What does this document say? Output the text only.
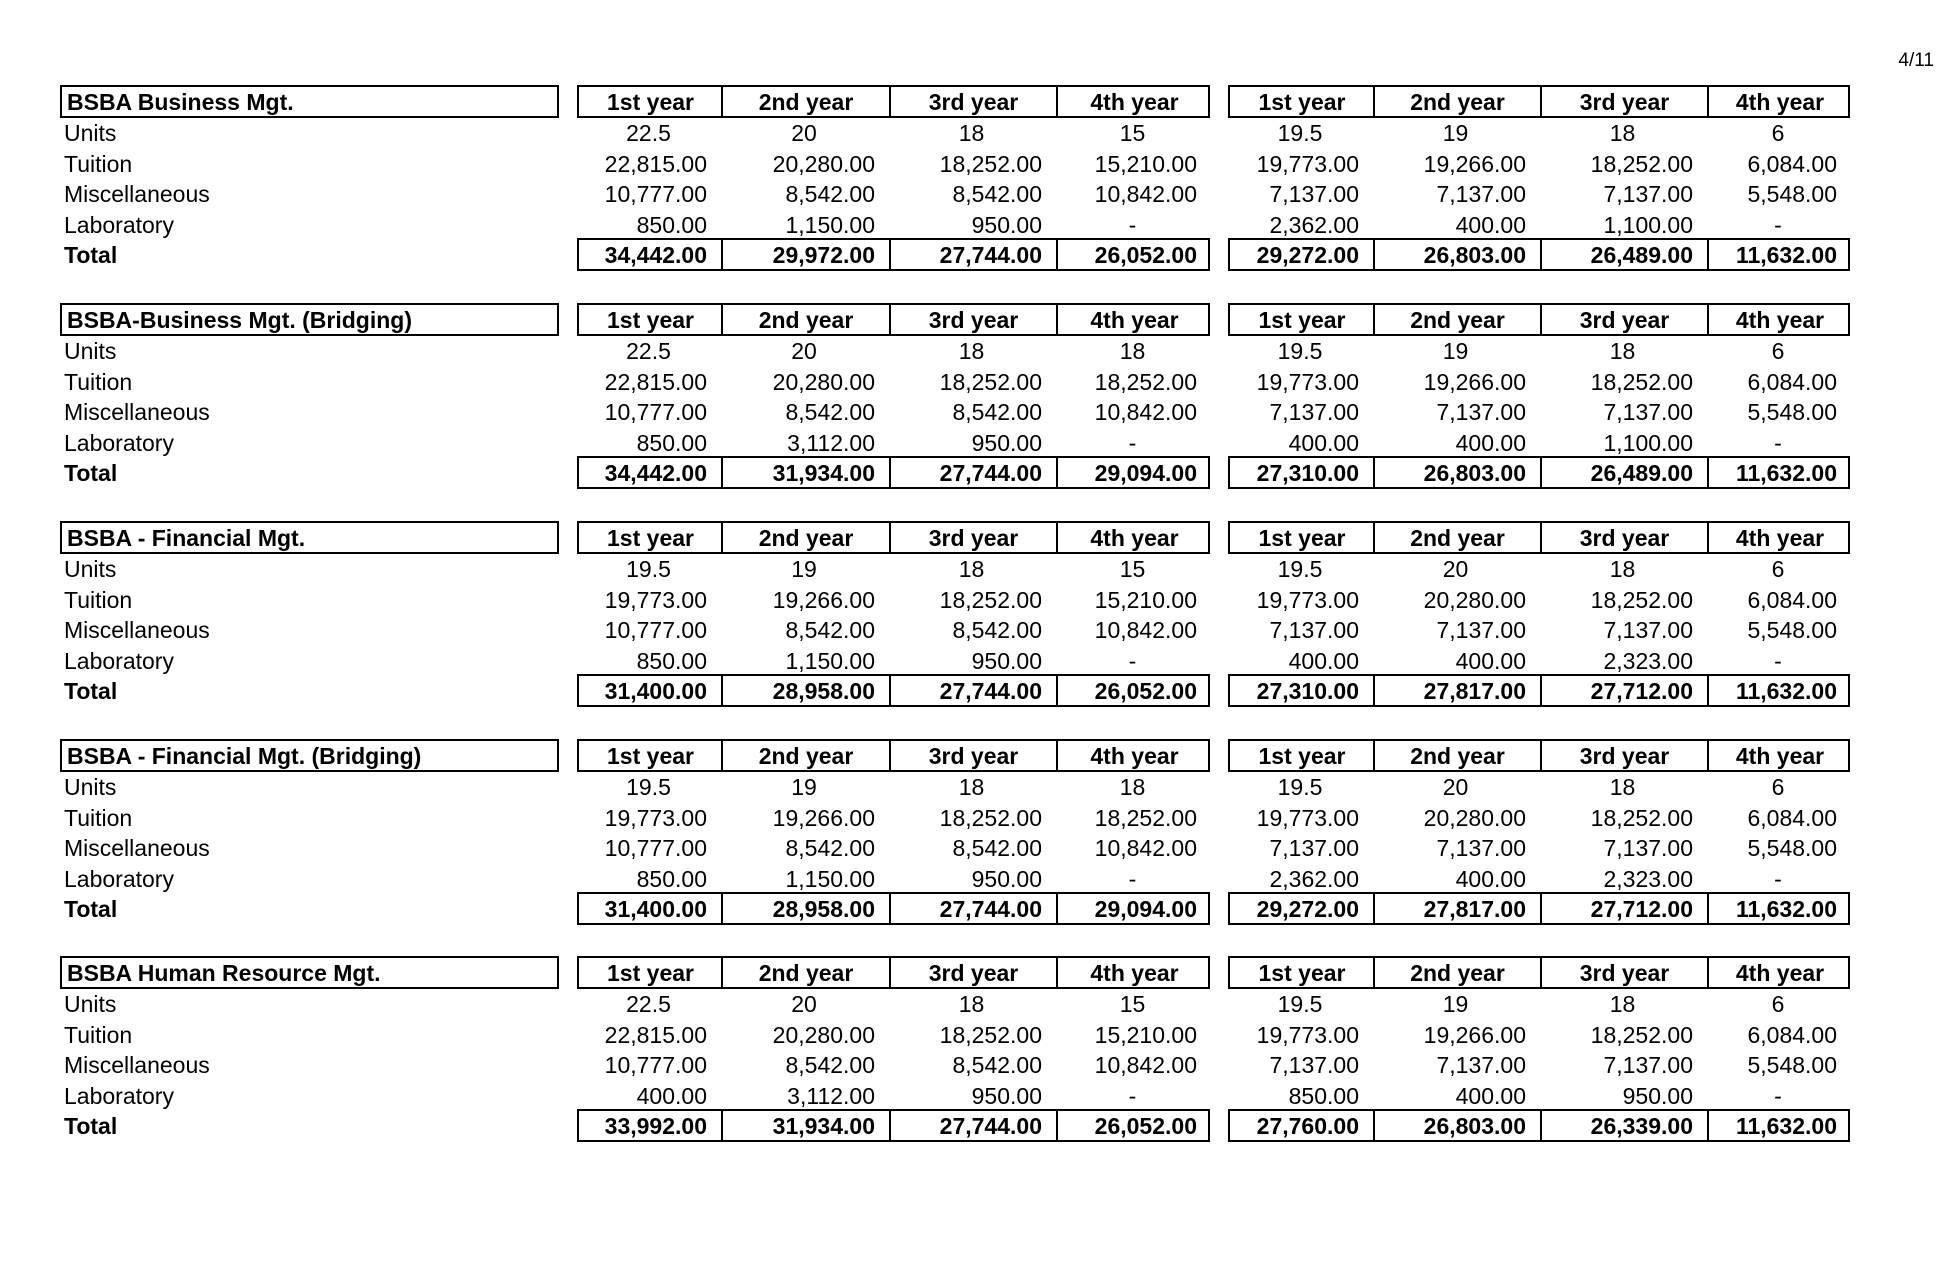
4/11
BSBA Business Mgt.	1st year	2nd year	3rd year	4th year	1st year	2nd year	3rd year	4th year
Units	22.5	20	18	15	19.5	19	18	6
Tuition	22,815.00	20,280.00	18,252.00	15,210.00	19,773.00	19,266.00	18,252.00	6,084.00
Miscellaneous	10,777.00	8,542.00	8,542.00	10,842.00	7,137.00	7,137.00	7,137.00	5,548.00
Laboratory	850.00	1,150.00	950.00	-	2,362.00	400.00	1,100.00	-
Total	34,442.00	29,972.00	27,744.00	26,052.00	29,272.00	26,803.00	26,489.00	11,632.00
BSBA-Business Mgt. (Bridging)	1st year	2nd year	3rd year	4th year	1st year	2nd year	3rd year	4th year
Units	22.5	20	18	18	19.5	19	18	6
Tuition	22,815.00	20,280.00	18,252.00	18,252.00	19,773.00	19,266.00	18,252.00	6,084.00
Miscellaneous	10,777.00	8,542.00	8,542.00	10,842.00	7,137.00	7,137.00	7,137.00	5,548.00
Laboratory	850.00	3,112.00	950.00	-	400.00	400.00	1,100.00	-
Total	34,442.00	31,934.00	27,744.00	29,094.00	27,310.00	26,803.00	26,489.00	11,632.00
BSBA - Financial Mgt.	1st year	2nd year	3rd year	4th year	1st year	2nd year	3rd year	4th year
Units	19.5	19	18	15	19.5	20	18	6
Tuition	19,773.00	19,266.00	18,252.00	15,210.00	19,773.00	20,280.00	18,252.00	6,084.00
Miscellaneous	10,777.00	8,542.00	8,542.00	10,842.00	7,137.00	7,137.00	7,137.00	5,548.00
Laboratory	850.00	1,150.00	950.00	-	400.00	400.00	2,323.00	-
Total	31,400.00	28,958.00	27,744.00	26,052.00	27,310.00	27,817.00	27,712.00	11,632.00
BSBA - Financial Mgt. (Bridging)	1st year	2nd year	3rd year	4th year	1st year	2nd year	3rd year	4th year
Units	19.5	19	18	18	19.5	20	18	6
Tuition	19,773.00	19,266.00	18,252.00	18,252.00	19,773.00	20,280.00	18,252.00	6,084.00
Miscellaneous	10,777.00	8,542.00	8,542.00	10,842.00	7,137.00	7,137.00	7,137.00	5,548.00
Laboratory	850.00	1,150.00	950.00	-	2,362.00	400.00	2,323.00	-
Total	31,400.00	28,958.00	27,744.00	29,094.00	29,272.00	27,817.00	27,712.00	11,632.00
BSBA Human Resource Mgt.	1st year	2nd year	3rd year	4th year	1st year	2nd year	3rd year	4th year
Units	22.5	20	18	15	19.5	19	18	6
Tuition	22,815.00	20,280.00	18,252.00	15,210.00	19,773.00	19,266.00	18,252.00	6,084.00
Miscellaneous	10,777.00	8,542.00	8,542.00	10,842.00	7,137.00	7,137.00	7,137.00	5,548.00
Laboratory	400.00	3,112.00	950.00	-	850.00	400.00	950.00	-
Total	33,992.00	31,934.00	27,744.00	26,052.00	27,760.00	26,803.00	26,339.00	11,632.00
